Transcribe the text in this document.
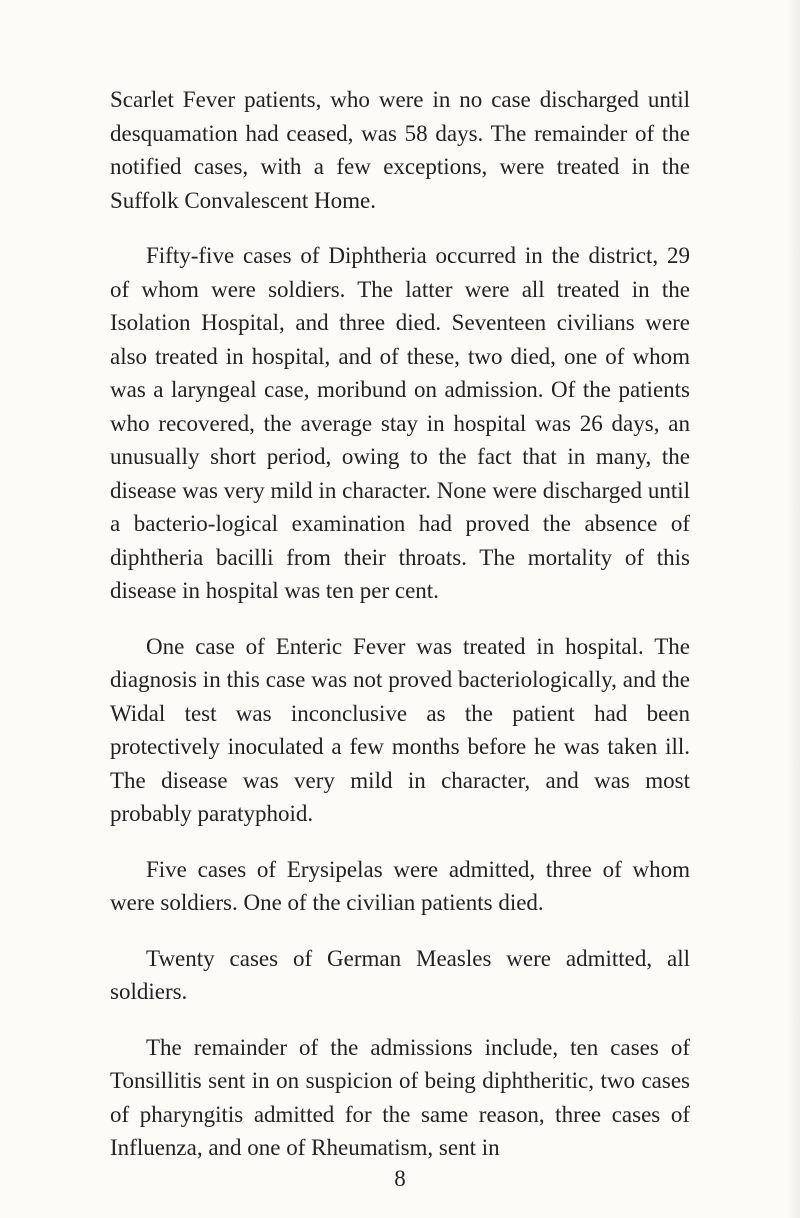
Scarlet Fever patients, who were in no case discharged until desquamation had ceased, was 58 days. The remainder of the notified cases, with a few exceptions, were treated in the Suffolk Convalescent Home.

Fifty-five cases of Diphtheria occurred in the district, 29 of whom were soldiers. The latter were all treated in the Isolation Hospital, and three died. Seventeen civilians were also treated in hospital, and of these, two died, one of whom was a laryngeal case, moribund on admission. Of the patients who recovered, the average stay in hospital was 26 days, an unusually short period, owing to the fact that in many, the disease was very mild in character. None were discharged until a bacterio-logical examination had proved the absence of diphtheria bacilli from their throats. The mortality of this disease in hospital was ten per cent.

One case of Enteric Fever was treated in hospital. The diagnosis in this case was not proved bacteriologically, and the Widal test was inconclusive as the patient had been protectively inoculated a few months before he was taken ill. The disease was very mild in character, and was most probably paratyphoid.

Five cases of Erysipelas were admitted, three of whom were soldiers. One of the civilian patients died.

Twenty cases of German Measles were admitted, all soldiers.

The remainder of the admissions include, ten cases of Tonsillitis sent in on suspicion of being diphtheritic, two cases of pharyngitis admitted for the same reason, three cases of Influenza, and one of Rheumatism, sent in

8
